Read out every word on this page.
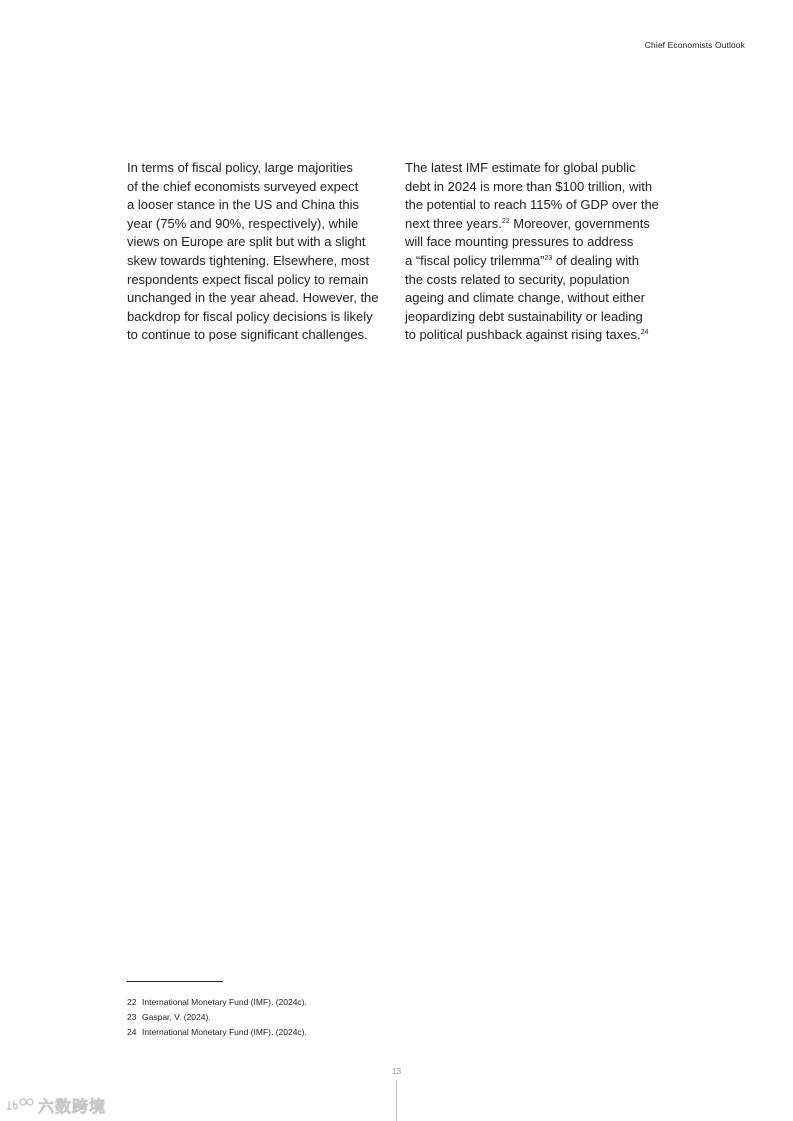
Chief Economists Outlook

In terms of fiscal policy, large majorities
of the chief economists surveyed expect
a looser stance in the US and China this
year (75% and 90%, respectively), while
views on Europe are split but with a slight
skew towards tightening. Elsewhere, most
respondents expect fiscal policy to remain
unchanged in the year ahead. However, the
backdrop for fiscal policy decisions is likely
to continue to pose significant challenges.

The latest IMF estimate for global public
debt in 2024 is more than $100 trillion, with
the potential to reach 115% of GDP over the
next three years.$^{22}$ Moreover, governments
will face mounting pressures to address
a “fiscal policy trilemma”$^{23}$ of dealing with
the costs related to security, population
ageing and climate change, without either
jeopardizing debt sustainability or leading
to political pushback against rising taxes.$^{24}$

22 International Monetary Fund (IMF). (2024c).
23 Gaspar, V. (2024).
24 International Monetary Fund (IMF). (2024c).
13
六数跨境
